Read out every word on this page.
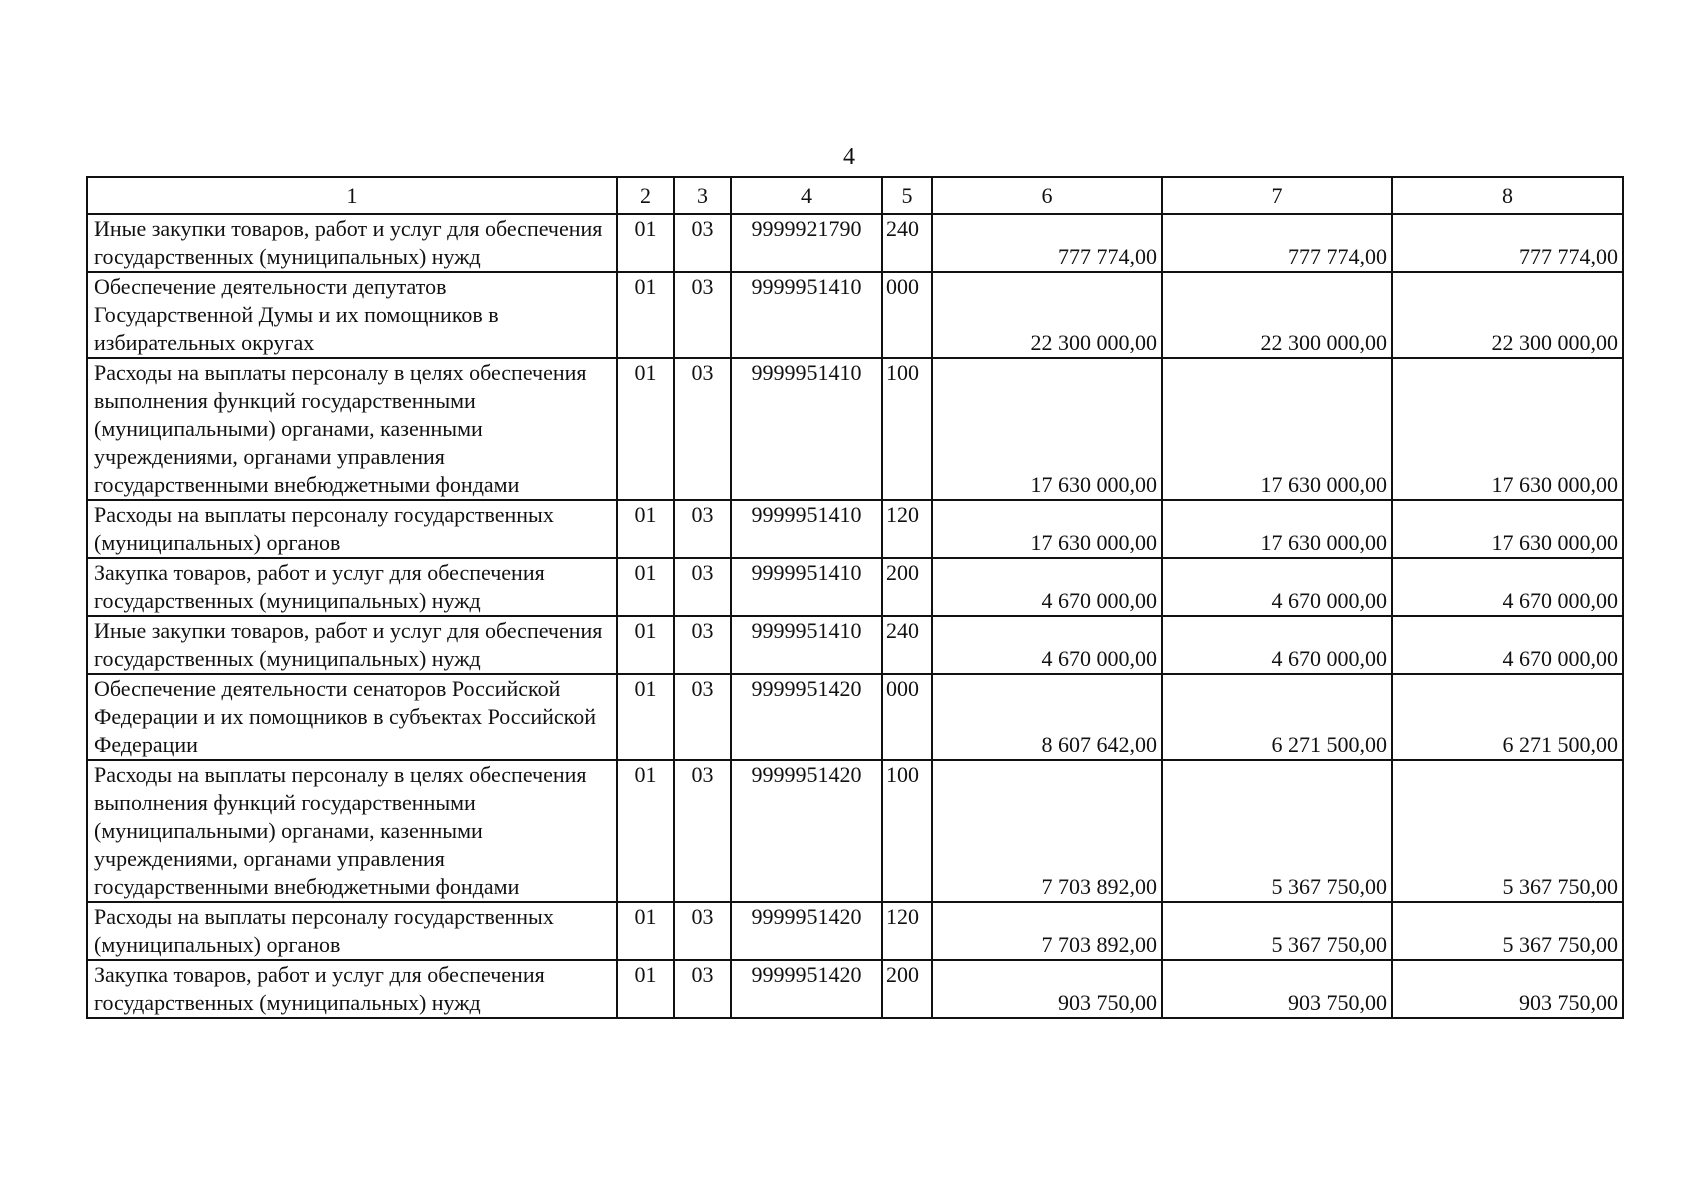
4
1	2	3	4	5	6	7	8
Иные закупки товаров, работ и услуг для обеспечения государственных (муниципальных) нужд	01	03	9999921790	240	777 774,00	777 774,00	777 774,00
Обеспечение деятельности депутатов Государственной Думы и их помощников в избирательных округах	01	03	9999951410	000	22 300 000,00	22 300 000,00	22 300 000,00
Расходы на выплаты персоналу в целях обеспечения выполнения функций государственными (муниципальными) органами, казенными учреждениями, органами управления государственными внебюджетными фондами	01	03	9999951410	100	17 630 000,00	17 630 000,00	17 630 000,00
Расходы на выплаты персоналу государственных (муниципальных) органов	01	03	9999951410	120	17 630 000,00	17 630 000,00	17 630 000,00
Закупка товаров, работ и услуг для обеспечения государственных (муниципальных) нужд	01	03	9999951410	200	4 670 000,00	4 670 000,00	4 670 000,00
Иные закупки товаров, работ и услуг для обеспечения государственных (муниципальных) нужд	01	03	9999951410	240	4 670 000,00	4 670 000,00	4 670 000,00
Обеспечение деятельности сенаторов Российской Федерации и их помощников в субъектах Российской Федерации	01	03	9999951420	000	8 607 642,00	6 271 500,00	6 271 500,00
Расходы на выплаты персоналу в целях обеспечения выполнения функций государственными (муниципальными) органами, казенными учреждениями, органами управления государственными внебюджетными фондами	01	03	9999951420	100	7 703 892,00	5 367 750,00	5 367 750,00
Расходы на выплаты персоналу государственных (муниципальных) органов	01	03	9999951420	120	7 703 892,00	5 367 750,00	5 367 750,00
Закупка товаров, работ и услуг для обеспечения государственных (муниципальных) нужд	01	03	9999951420	200	903 750,00	903 750,00	903 750,00
